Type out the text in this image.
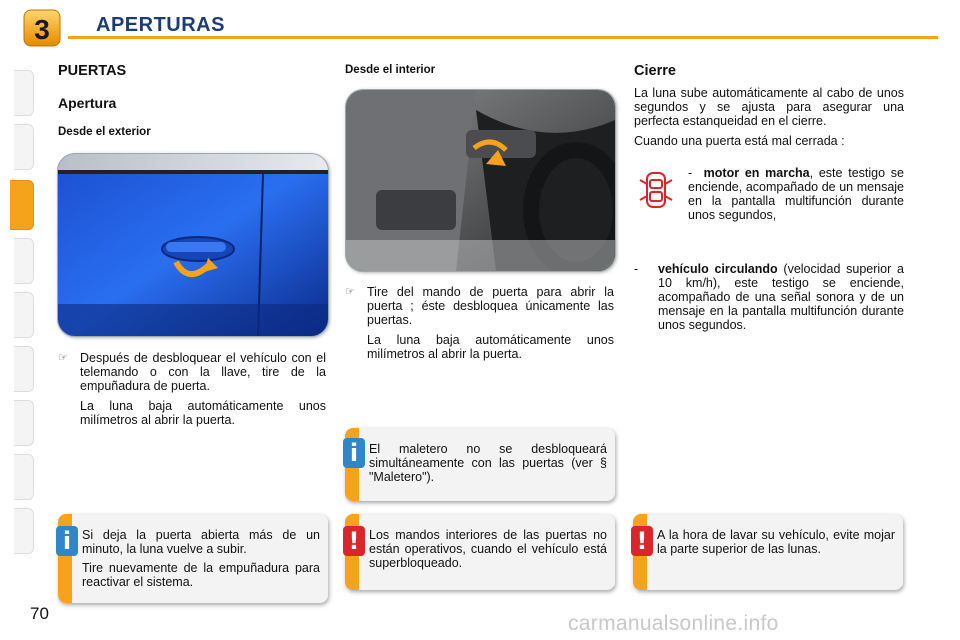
3 APERTURAS
PUERTAS
Apertura
Desde el exterior
☞ Después de desbloquear el vehículo con el telemando o con la llave, tire de la empuñadura de puerta.

La luna baja automáticamente unos milímetros al abrir la puerta.

Desde el interior
☞ Tire del mando de puerta para abrir la puerta ; éste desbloquea únicamente las puertas.

La luna baja automáticamente unos milímetros al abrir la puerta.

Cierre

La luna sube automáticamente al cabo de unos segundos y se ajusta para asegurar una perfecta estanqueidad en el cierre.

Cuando una puerta está mal cerrada :

- motor en marcha, este testigo se enciende, acompañado de un mensaje en la pantalla multifunción durante unos segundos,
- vehículo circulando (velocidad superior a 10 km/h), este testigo se enciende, acompañado de una señal sonora y de un mensaje en la pantalla multifunción durante unos segundos.
i El maletero no se desbloqueará simultáneamente con las puertas (ver § "Maletero").
i Si deja la puerta abierta más de un minuto, la luna vuelve a subir.

Tire nuevamente de la empuñadura para reactivar el sistema.

! Los mandos interiores de las puertas no están operativos, cuando el vehículo está superbloqueado.
! A la hora de lavar su vehículo, evite mojar la parte superior de las lunas.
70	carmanualsonline.info
